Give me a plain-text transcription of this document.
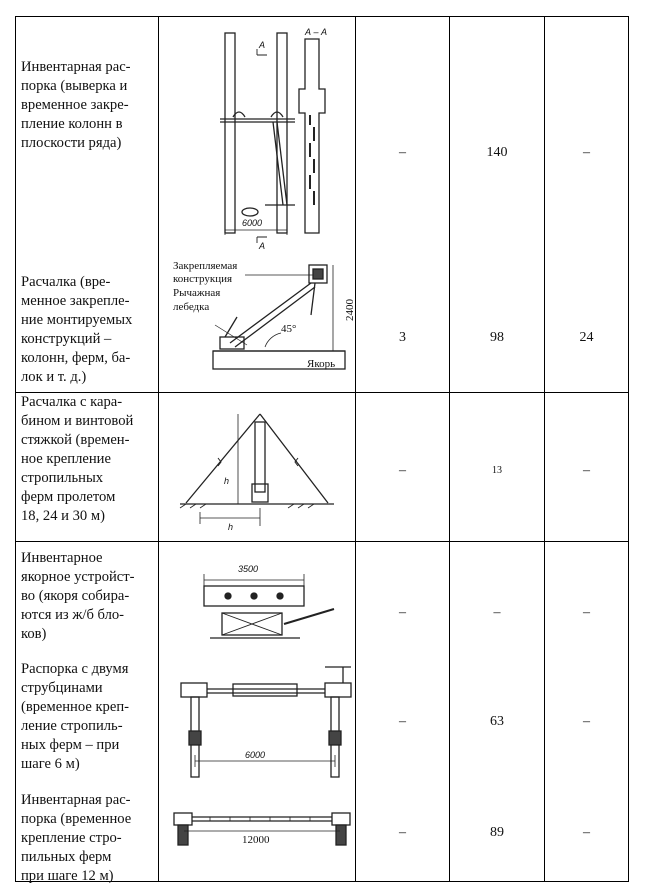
Инвентарная рас-
порка (выверка и
временное закре-
пление колонн в
плоскости ряда)
–	140	–
Расчалка (вре-
менное закрепле-
ние монтируемых
конструкций –
колонн, ферм, ба-
лок и т. д.)
3	98	24
Расчалка с кара-
бином и винтовой
стяжкой (времен-
ное крепление
стропильных
ферм пролетом
18, 24 и 30 м)
–	13	–
Инвентарное
якорное устройст-
во (якоря собира-
ются из ж/б бло-
ков)
–	–	–
Распорка с двумя
струбцинами
(временное креп-
ление стропиль-
ных ферм – при
шаге 6 м)
–	63	–
Инвентарная рас-
порка (временное
крепление стро-
пильных ферм
при шаге 12 м)
–	89	–
А
А – А
6000
А
Закрепляемая
конструкция
Рычажная
лебедка	2400
45°
Якорь
h
h
3500
6000
12000
